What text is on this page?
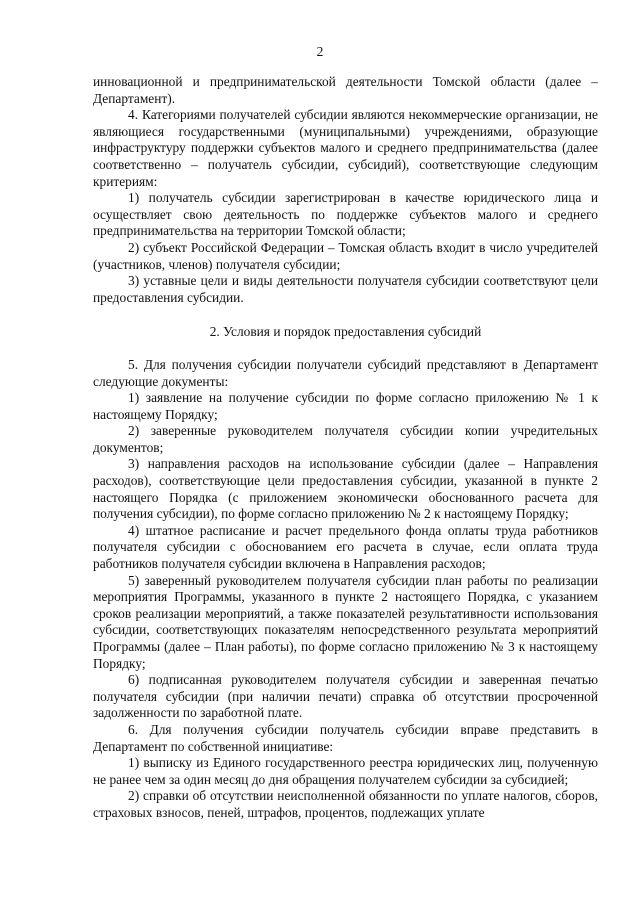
2

инновационной и предпринимательской деятельности Томской области (далее – Департамент).

4. Категориями получателей субсидии являются некоммерческие организации, не являющиеся государственными (муниципальными) учреждениями, образующие инфраструктуру поддержки субъектов малого и среднего предпринимательства (далее соответственно – получатель субсидии, субсидий), соответствующие следующим критериям:

1) получатель субсидии зарегистрирован в качестве юридического лица и осуществляет свою деятельность по поддержке субъектов малого и среднего предпринимательства на территории Томской области;

2) субъект Российской Федерации – Томская область входит в число учредителей (участников, членов) получателя субсидии;

3) уставные цели и виды деятельности получателя субсидии соответствуют цели предоставления субсидии.

2. Условия и порядок предоставления субсидий

5. Для получения субсидии получатели субсидий представляют в Департамент следующие документы:

1) заявление на получение субсидии по форме согласно приложению № 1 к настоящему Порядку;

2) заверенные руководителем получателя субсидии копии учредительных документов;

3) направления расходов на использование субсидии (далее – Направления расходов), соответствующие цели предоставления субсидии, указанной в пункте 2 настоящего Порядка (с приложением экономически обоснованного расчета для получения субсидии), по форме согласно приложению № 2 к настоящему Порядку;

4) штатное расписание и расчет предельного фонда оплаты труда работников получателя субсидии с обоснованием его расчета в случае, если оплата труда работников получателя субсидии включена в Направления расходов;

5) заверенный руководителем получателя субсидии план работы по реализации мероприятия Программы, указанного в пункте 2 настоящего Порядка, с указанием сроков реализации мероприятий, а также показателей результативности использования субсидии, соответствующих показателям непосредственного результата мероприятий Программы (далее – План работы), по форме согласно приложению № 3 к настоящему Порядку;

6) подписанная руководителем получателя субсидии и заверенная печатью получателя субсидии (при наличии печати) справка об отсутствии просроченной задолженности по заработной плате.

6. Для получения субсидии получатель субсидии вправе представить в Департамент по собственной инициативе:

1) выписку из Единого государственного реестра юридических лиц, полученную не ранее чем за один месяц до дня обращения получателем субсидии за субсидией;

2) справки об отсутствии неисполненной обязанности по уплате налогов, сборов, страховых взносов, пеней, штрафов, процентов, подлежащих уплате
